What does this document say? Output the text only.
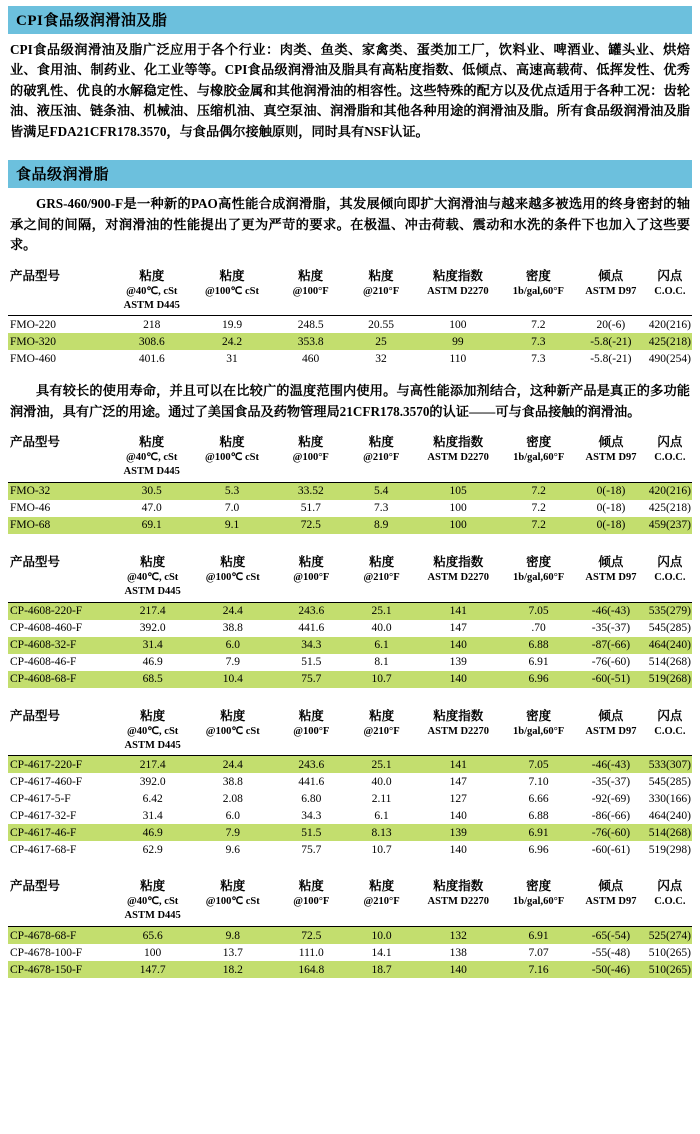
CPI食品级润滑油及脂

CPI食品级润滑油及脂广泛应用于各个行业：肉类、鱼类、家禽类、蛋类加工厂，饮料业、啤酒业、罐头业、烘焙业、食用油、制药业、化工业等等。CPI食品级润滑油及脂具有高粘度指数、低倾点、高速高载荷、低挥发性、优秀的破乳性、优良的水解稳定性、与橡胶金属和其他润滑油的相容性。这些特殊的配方以及优点适用于各种工况：齿轮油、液压油、链条油、机械油、压缩机油、真空泵油、润滑脂和其他各种用途的润滑油及脂。所有食品级润滑油及脂皆满足FDA21CFR178.3570，与食品偶尔接触原则，同时具有NSF认证。

食品级润滑脂

GRS-460/900-F是一种新的PAO高性能合成润滑脂，其发展倾向即扩大润滑油与越来越多被选用的终身密封的轴承之间的间隔，对润滑油的性能提出了更为严苛的要求。在极温、冲击荷载、震动和水洗的条件下也加入了这些要求。

产品型号	粘度
@40℃, cSt
ASTM D445	粘度
@100℃ cSt	粘度
@100°F	粘度
@210°F	粘度指数
ASTM D2270	密度
1b/gal,60°F	倾点
ASTM D97	闪点
C.O.C.

FMO-220	218	19.9	248.5	20.55	100	7.2	20(-6)	420(216)
FMO-320	308.6	24.2	353.8	25	99	7.3	-5.8(-21)	425(218)
FMO-460	401.6	31	460	32	110	7.3	-5.8(-21)	490(254)

具有较长的使用寿命，并且可以在比较广的温度范围内使用。与高性能添加剂结合，这种新产品是真正的多功能润滑油，具有广泛的用途。通过了美国食品及药物管理局21CFR178.3570的认证——可与食品接触的润滑油。

产品型号	粘度
@40℃, cSt
ASTM D445	粘度
@100℃ cSt	粘度
@100°F	粘度
@210°F	粘度指数
ASTM D2270	密度
1b/gal,60°F	倾点
ASTM D97	闪点
C.O.C.

FMO-32	30.5	5.3	33.52	5.4	105	7.2	0(-18)	420(216)
FMO-46	47.0	7.0	51.7	7.3	100	7.2	0(-18)	425(218)
FMO-68	69.1	9.1	72.5	8.9	100	7.2	0(-18)	459(237)
产品型号	粘度
@40℃, cSt
ASTM D445	粘度
@100℃ cSt	粘度
@100°F	粘度
@210°F	粘度指数
ASTM D2270	密度
1b/gal,60°F	倾点
ASTM D97	闪点
C.O.C.

CP-4608-220-F	217.4	24.4	243.6	25.1	141	7.05	-46(-43)	535(279)
CP-4608-460-F	392.0	38.8	441.6	40.0	147	.70	-35(-37)	545(285)
CP-4608-32-F	31.4	6.0	34.3	6.1	140	6.88	-87(-66)	464(240)
CP-4608-46-F	46.9	7.9	51.5	8.1	139	6.91	-76(-60)	514(268)
CP-4608-68-F	68.5	10.4	75.7	10.7	140	6.96	-60(-51)	519(268)
产品型号	粘度
@40℃, cSt
ASTM D445	粘度
@100℃ cSt	粘度
@100°F	粘度
@210°F	粘度指数
ASTM D2270	密度
1b/gal,60°F	倾点
ASTM D97	闪点
C.O.C.

CP-4617-220-F	217.4	24.4	243.6	25.1	141	7.05	-46(-43)	533(307)
CP-4617-460-F	392.0	38.8	441.6	40.0	147	7.10	-35(-37)	545(285)
CP-4617-5-F	6.42	2.08	6.80	2.11	127	6.66	-92(-69)	330(166)
CP-4617-32-F	31.4	6.0	34.3	6.1	140	6.88	-86(-66)	464(240)
CP-4617-46-F	46.9	7.9	51.5	8.13	139	6.91	-76(-60)	514(268)
CP-4617-68-F	62.9	9.6	75.7	10.7	140	6.96	-60(-61)	519(298)
产品型号	粘度
@40℃, cSt
ASTM D445	粘度
@100℃ cSt	粘度
@100°F	粘度
@210°F	粘度指数
ASTM D2270	密度
1b/gal,60°F	倾点
ASTM D97	闪点
C.O.C.

CP-4678-68-F	65.6	9.8	72.5	10.0	132	6.91	-65(-54)	525(274)
CP-4678-100-F	100	13.7	111.0	14.1	138	7.07	-55(-48)	510(265)
CP-4678-150-F	147.7	18.2	164.8	18.7	140	7.16	-50(-46)	510(265)
